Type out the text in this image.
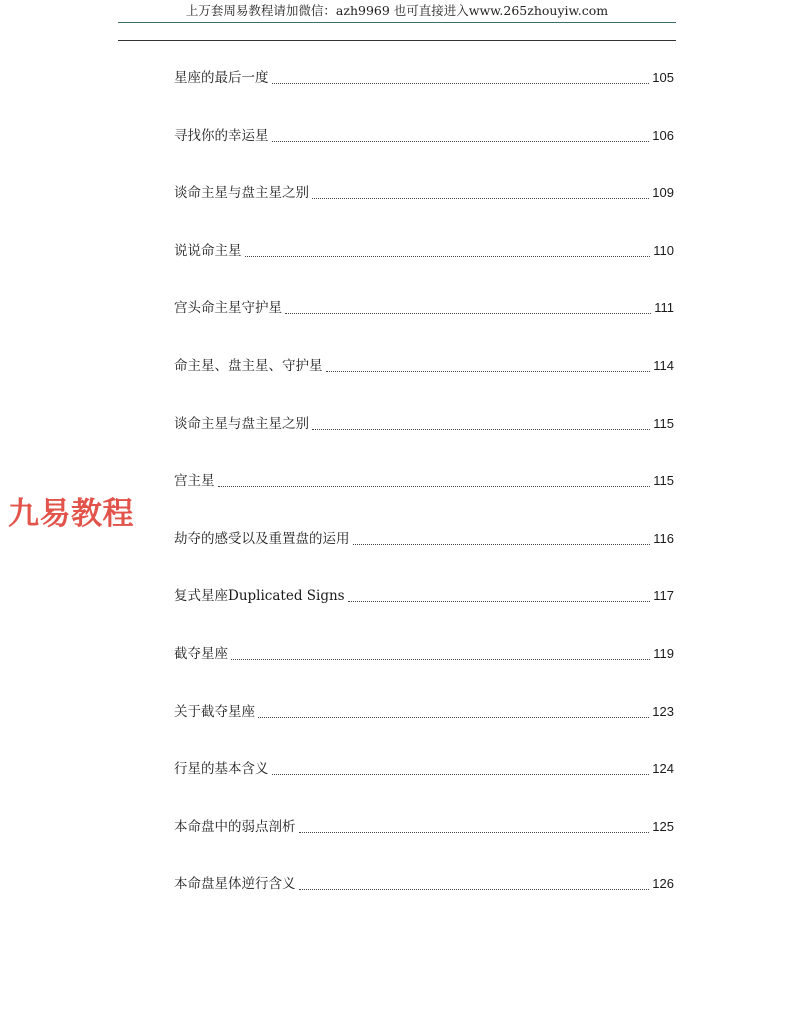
上万套周易教程请加微信：azh9969 也可直接进入www.265zhouyiw.com
九易教程
星座的最后一度	105
寻找你的幸运星	106
谈命主星与盘主星之别	109
说说命主星	110
宫头命主星守护星	111
命主星、盘主星、守护星	114
谈命主星与盘主星之别	115
宫主星	115
劫夺的感受以及重置盘的运用	116
复式星座Duplicated Signs	117
截夺星座	119
关于截夺星座	123
行星的基本含义	124
本命盘中的弱点剖析	125
本命盘星体逆行含义	126
